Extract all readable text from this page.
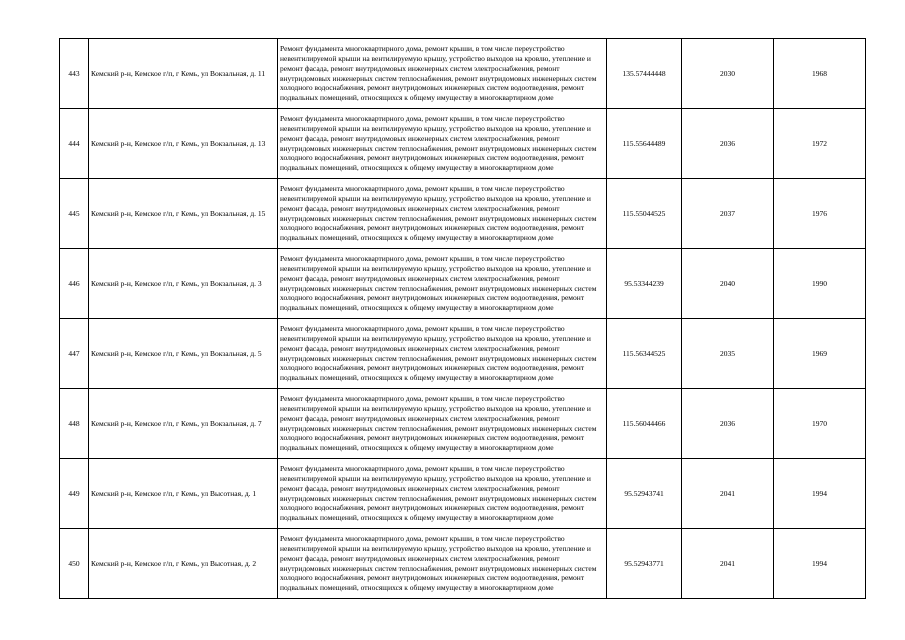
443	Кемский р-н, Кемское г/п, г Кемь, ул Вокзальная, д. 11	Ремонт фундамента многоквартирного дома, ремонт крыши, в том числе переустройство невентилируемой крыши на вентилируемую крышу, устройство выходов на кровлю, утепление и ремонт фасада, ремонт внутридомовых инженерных систем электроснабжения, ремонт внутридомовых инженерных систем теплоснабжения, ремонт внутридомовых инженерных систем холодного водоснабжения, ремонт внутридомовых инженерных систем водоотведения, ремонт подвальных помещений, относящихся к общему имуществу в многоквартирном доме	135.57444448	2030	1968
444	Кемский р-н, Кемское г/п, г Кемь, ул Вокзальная, д. 13	Ремонт фундамента многоквартирного дома, ремонт крыши, в том числе переустройство невентилируемой крыши на вентилируемую крышу, устройство выходов на кровлю, утепление и ремонт фасада, ремонт внутридомовых инженерных систем электроснабжения, ремонт внутридомовых инженерных систем теплоснабжения, ремонт внутридомовых инженерных систем холодного водоснабжения, ремонт внутридомовых инженерных систем водоотведения, ремонт подвальных помещений, относящихся к общему имуществу в многоквартирном доме	115.55644489	2036	1972
445	Кемский р-н, Кемское г/п, г Кемь, ул Вокзальная, д. 15	Ремонт фундамента многоквартирного дома, ремонт крыши, в том числе переустройство невентилируемой крыши на вентилируемую крышу, устройство выходов на кровлю, утепление и ремонт фасада, ремонт внутридомовых инженерных систем электроснабжения, ремонт внутридомовых инженерных систем теплоснабжения, ремонт внутридомовых инженерных систем холодного водоснабжения, ремонт внутридомовых инженерных систем водоотведения, ремонт подвальных помещений, относящихся к общему имуществу в многоквартирном доме	115.55044525	2037	1976
446	Кемский р-н, Кемское г/п, г Кемь, ул Вокзальная, д. 3	Ремонт фундамента многоквартирного дома, ремонт крыши, в том числе переустройство невентилируемой крыши на вентилируемую крышу, устройство выходов на кровлю, утепление и ремонт фасада, ремонт внутридомовых инженерных систем электроснабжения, ремонт внутридомовых инженерных систем теплоснабжения, ремонт внутридомовых инженерных систем холодного водоснабжения, ремонт внутридомовых инженерных систем водоотведения, ремонт подвальных помещений, относящихся к общему имуществу в многоквартирном доме	95.53344239	2040	1990
447	Кемский р-н, Кемское г/п, г Кемь, ул Вокзальная, д. 5	Ремонт фундамента многоквартирного дома, ремонт крыши, в том числе переустройство невентилируемой крыши на вентилируемую крышу, устройство выходов на кровлю, утепление и ремонт фасада, ремонт внутридомовых инженерных систем электроснабжения, ремонт внутридомовых инженерных систем теплоснабжения, ремонт внутридомовых инженерных систем холодного водоснабжения, ремонт внутридомовых инженерных систем водоотведения, ремонт подвальных помещений, относящихся к общему имуществу в многоквартирном доме	115.56344525	2035	1969
448	Кемский р-н, Кемское г/п, г Кемь, ул Вокзальная, д. 7	Ремонт фундамента многоквартирного дома, ремонт крыши, в том числе переустройство невентилируемой крыши на вентилируемую крышу, устройство выходов на кровлю, утепление и ремонт фасада, ремонт внутридомовых инженерных систем электроснабжения, ремонт внутридомовых инженерных систем теплоснабжения, ремонт внутридомовых инженерных систем холодного водоснабжения, ремонт внутридомовых инженерных систем водоотведения, ремонт подвальных помещений, относящихся к общему имуществу в многоквартирном доме	115.56044466	2036	1970
449	Кемский р-н, Кемское г/п, г Кемь, ул Высотная, д. 1	Ремонт фундамента многоквартирного дома, ремонт крыши, в том числе переустройство невентилируемой крыши на вентилируемую крышу, устройство выходов на кровлю, утепление и ремонт фасада, ремонт внутридомовых инженерных систем электроснабжения, ремонт внутридомовых инженерных систем теплоснабжения, ремонт внутридомовых инженерных систем холодного водоснабжения, ремонт внутридомовых инженерных систем водоотведения, ремонт подвальных помещений, относящихся к общему имуществу в многоквартирном доме	95.52943741	2041	1994
450	Кемский р-н, Кемское г/п, г Кемь, ул Высотная, д. 2	Ремонт фундамента многоквартирного дома, ремонт крыши, в том числе переустройство невентилируемой крыши на вентилируемую крышу, устройство выходов на кровлю, утепление и ремонт фасада, ремонт внутридомовых инженерных систем электроснабжения, ремонт внутридомовых инженерных систем теплоснабжения, ремонт внутридомовых инженерных систем холодного водоснабжения, ремонт внутридомовых инженерных систем водоотведения, ремонт подвальных помещений, относящихся к общему имуществу в многоквартирном доме	95.52943771	2041	1994
